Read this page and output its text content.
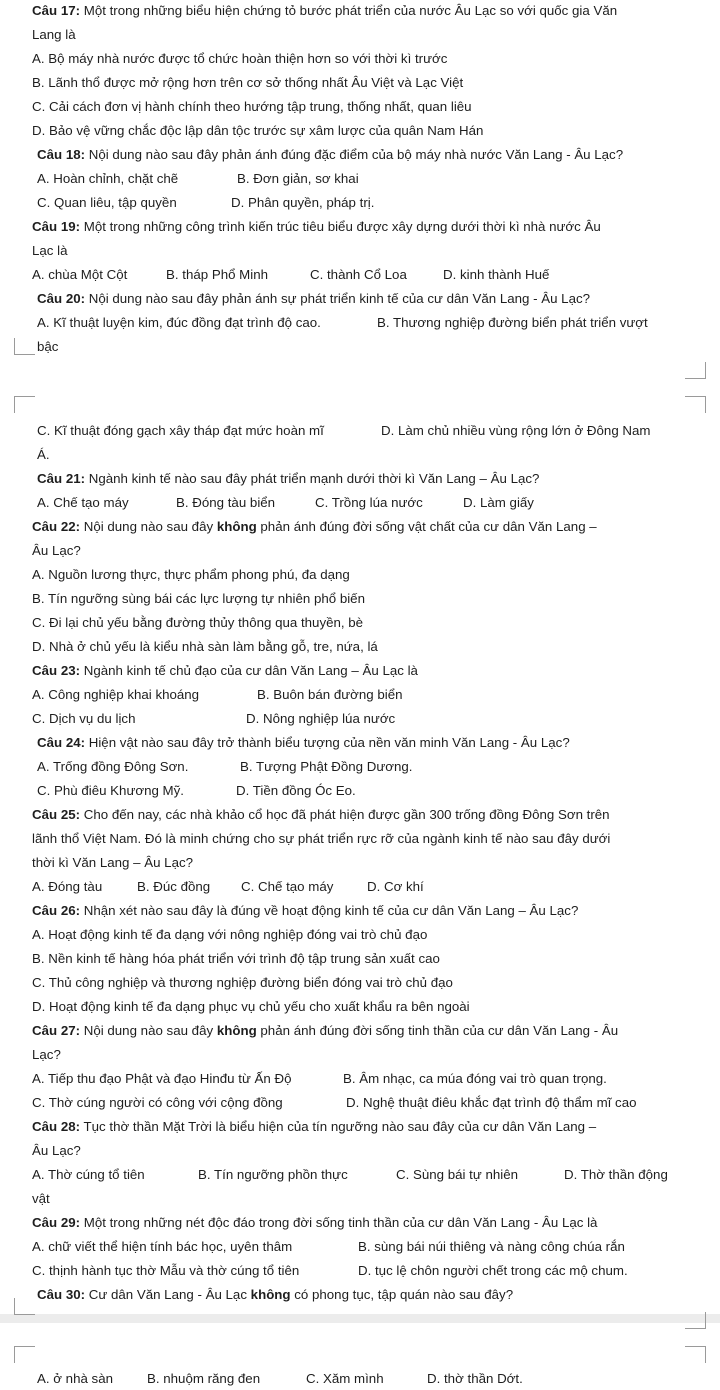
Câu 17: Một trong những biểu hiện chứng tỏ bước phát triển của nước Âu Lạc so với quốc gia Văn
Lang là
A. Bộ máy nhà nước được tổ chức hoàn thiện hơn so với thời kì trước
B. Lãnh thổ được mở rộng hơn trên cơ sở thống nhất Âu Việt và Lạc Việt
C. Cải cách đơn vị hành chính theo hướng tập trung, thống nhất, quan liêu
D. Bảo vệ vững chắc độc lập dân tộc trước sự xâm lược của quân Nam Hán
Câu 18: Nội dung nào sau đây phản ánh đúng đặc điểm của bộ máy nhà nước Văn Lang - Âu Lạc?
A. Hoàn chỉnh, chặt chẽ	B. Đơn giản, sơ khai
C. Quan liêu, tập quyền	D. Phân quyền, pháp trị.
Câu 19: Một trong những công trình kiến trúc tiêu biểu được xây dựng dưới thời kì nhà nước Âu
Lạc là
A. chùa Một Cột	B. tháp Phổ Minh	C. thành Cổ Loa	D. kinh thành Huế
Câu 20: Nội dung nào sau đây phản ánh sự phát triển kinh tế của cư dân Văn Lang - Âu Lạc?
A. Kĩ thuật luyện kim, đúc đồng đạt trình độ cao.	B. Thương nghiệp đường biển phát triển vượt
bậc
C. Kĩ thuật đóng gạch xây tháp đạt mức hoàn mĩ	D. Làm chủ nhiều vùng rộng lớn ở Đông Nam
Á.
Câu 21: Ngành kinh tế nào sau đây phát triển mạnh dưới thời kì Văn Lang – Âu Lạc?
A. Chế tạo máy	B. Đóng tàu biển	C. Trồng lúa nước	D. Làm giấy
Câu 22: Nội dung nào sau đây không phản ánh đúng đời sống vật chất của cư dân Văn Lang –
Âu Lạc?
A. Nguồn lương thực, thực phẩm phong phú, đa dạng
B. Tín ngưỡng sùng bái các lực lượng tự nhiên phổ biến
C. Đi lại chủ yếu bằng đường thủy thông qua thuyền, bè
D. Nhà ở chủ yếu là kiểu nhà sàn làm bằng gỗ, tre, nứa, lá
Câu 23: Ngành kinh tế chủ đạo của cư dân Văn Lang – Âu Lạc là
A. Công nghiệp khai khoáng	B. Buôn bán đường biển
C. Dịch vụ du lịch	D. Nông nghiệp lúa nước
Câu 24: Hiện vật nào sau đây trở thành biểu tượng của nền văn minh Văn Lang - Âu Lạc?
A. Trống đồng Đông Sơn.	B. Tượng Phật Đồng Dương.
C. Phù điêu Khương Mỹ.	D. Tiền đồng Óc Eo.
Câu 25: Cho đến nay, các nhà khảo cổ học đã phát hiện được gần 300 trống đồng Đông Sơn trên
lãnh thổ Việt Nam. Đó là minh chứng cho sự phát triển rực rỡ của ngành kinh tế nào sau đây dưới
thời kì Văn Lang – Âu Lạc?
A. Đóng tàu	B. Đúc đồng C. Chế tạo máy	D. Cơ khí
Câu 26: Nhận xét nào sau đây là đúng về hoạt động kinh tế của cư dân Văn Lang – Âu Lạc?
A. Hoạt động kinh tế đa dạng với nông nghiệp đóng vai trò chủ đạo
B. Nền kinh tế hàng hóa phát triển với trình độ tập trung sản xuất cao
C. Thủ công nghiệp và thương nghiệp đường biển đóng vai trò chủ đạo
D. Hoạt động kinh tế đa dạng phục vụ chủ yếu cho xuất khẩu ra bên ngoài
Câu 27: Nội dung nào sau đây không phản ánh đúng đời sống tinh thần của cư dân Văn Lang - Âu
Lạc?
A. Tiếp thu đạo Phật và đạo Hinđu từ Ấn Độ	B. Âm nhạc, ca múa đóng vai trò quan trọng.
C. Thờ cúng người có công với cộng đồng	D. Nghệ thuật điêu khắc đạt trình độ thẩm mĩ cao
Câu 28: Tục thờ thần Mặt Trời là biểu hiện của tín ngưỡng nào sau đây của cư dân Văn Lang –
Âu Lạc?
A. Thờ cúng tổ tiên	B. Tín ngưỡng phồn thực	C. Sùng bái tự nhiên	D. Thờ thần động
vật
Câu 29: Một trong những nét độc đáo trong đời sống tinh thần của cư dân Văn Lang - Âu Lạc là
A. chữ viết thể hiện tính bác học, uyên thâm	B. sùng bái núi thiêng và nàng công chúa rắn
C. thịnh hành tục thờ Mẫu và thờ cúng tổ tiên	D. tục lệ chôn người chết trong các mộ chum.
Câu 30: Cư dân Văn Lang - Âu Lạc không có phong tục, tập quán nào sau đây?
A. ở nhà sàn	B. nhuộm răng đen	C. Xăm mình	D. thờ thần Dớt.
